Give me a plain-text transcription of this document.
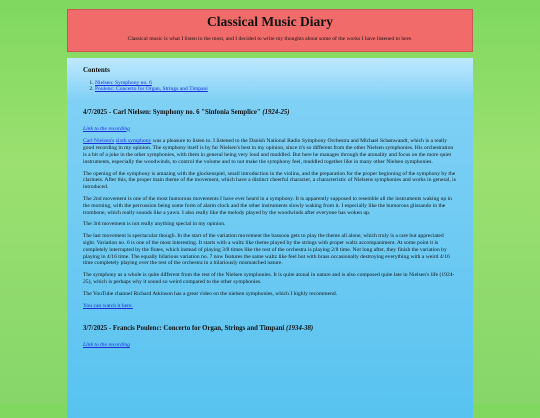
Classical Music Diary

Classical music is what I listen to the most, and I decided to write my thoughts about some of the works I have listened to here.

Contents
1. Nielsen: Symphony no. 6
2. Poulenc: Concerto for Organ, Strings and Timpani
4/7/2025 - Carl Nielsen: Symphony no. 6 "Sinfonia Semplice" (1924-25)

Link to the recording

Carl Nielsen's sixth symphony was a pleasure to listen to. I listened to the Danish National Radio Symphony Orchestra and Michael Schønwandt, which is a really good recording in my opinion. The symphony itself is by far Nielsen's best in my opinion, since it's so different from the other Nielsen symphonies. His orchestration is a bit of a joke in the other symphonies, with them in general being very loud and muddled. But here he manages through the atonality and focus on the more quiet instruments, especially the woodwinds, to control the volume and to not make the symphony feel, muddled together like in many other Nielsen symphonies.

The opening of the symphony is amazing with the glockenspiel, small introduction in the violins, and the preparation for the proper beginning of the symphony by the clarinets. After this, the proper main theme of the movement, which have a distinct cheerful character, a characteristic of Nielsens symphonies and works in general, is introduced.

The 2nd movement is one of the most humorous movements I have ever heard in a symphony. It is apparently supposed to resemble all the instruments waking up in the morning, with the percussion being some form of alarm clock and the other instruments slowly waking from it. I especially like the humorous glissando in the trombone, which really sounds like a yawn. I also really like the melody played by the woodwinds after everyone has woken up.

The 3rd movement is not really anything special in my opinion.

The last movement is spectacular though. In the start of the variation movement the bassoon gets to play the theme all alone, which truly is a rare but appreciated sight. Variation no. 6 is one of the most interesting. It starts with a waltz like theme played by the strings with proper waltz accompaniment. At some point it is completely interrupted by the flutes, which instead of playing 3/8 times like the rest of the orchestra is playing 2/8 time. Not long after, they finish the variation by playing in 4/16 time. The equally hilarious variation no. 7 now features the same waltz like feel but with brass occasionally destroying everything with a weird 4/16 time completely playing over the rest of the orchestra in a hilariously mismatched nature.

The symphony as a whole is quite different from the rest of the Nielsen symphonies. It is quite atonal in nature and is also composed quite late in Nielsen's life (1924-25), which is perhaps why it sound so weird compared to the other symphonies.

The YouTube channel Richard Atkinson has a great video on the nielsen symphonies, which I highly recommend.

You can watch it here.

3/7/2025 - Francis Poulenc: Concerto for Organ, Strings and Timpani (1934-38)

Link to the recording
